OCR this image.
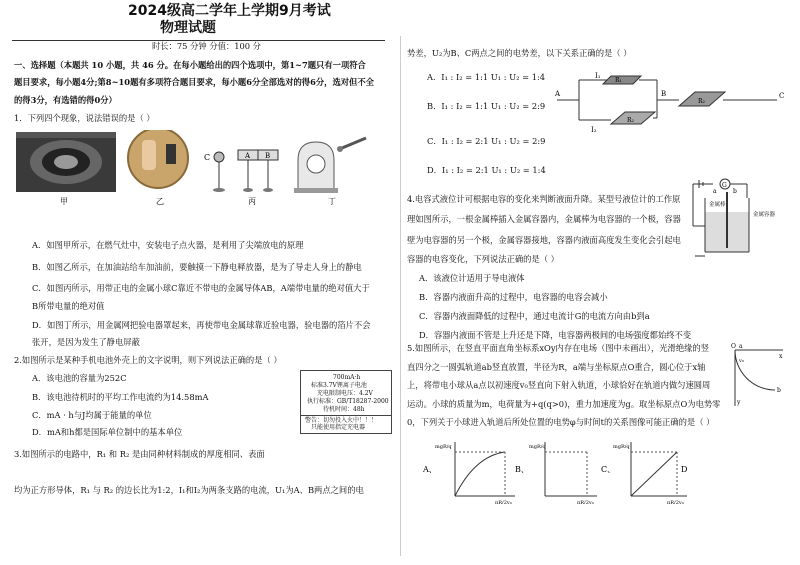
2024级高二学年上学期9月考试
物理试题
时长：75 分钟 分值：100 分
一、选择题（本题共 10 小题，共 46 分。在每小题给出的四个选项中，第1~7题只有一项符合
题目要求，每小题4分;第8~10题有多项符合题目要求，每小题6分全部选对的得6分，选对但不全
的得3分，有选错的得0分）
1．下列四个现象，说法错误的是（ ）
甲	乙
C	A B
丙	丁
A．如图甲所示，在燃气灶中，安装电子点火器，是利用了尖端放电的原理
B．如图乙所示，在加油站给车加油前，要触摸一下静电释放器，是为了导走人身上的静电
C．如图丙所示，用带正电的金属小球C靠近不带电的金属导体AB，A端带电量的绝对值大于
B所带电量的绝对值
D．如图丁所示，用金属网把验电器罩起来，再使带电金属球靠近验电器，验电器的箔片不会
张开，是因为发生了静电屏蔽
2.如图所示是某种手机电池外壳上的文字说明，则下列说法正确的是（ ）
A．该电池的容量为252C
B．该电池待机时的平均工作电流约为14.58mA
C．mA · h与J均属于能量的单位
D．mA和h都是国际单位制中的基本单位
700mA·h
标准3.7V锂离子电池
充电限制电压：4.2V
执行标准：GB/T18287-2000
待机时间：48h
警告：切勿投入火中！！！
只能使用指定充电器
3.如图所示的电路中，R₁ 和 R₂ 是由同种材料制成的厚度相同、表面
均为正方形导体，R₁ 与 R₂ 的边长比为1:2，I₁和I₂为两条支路的电流，U₁为A、B两点之间的电
势差，U₂为B、C两点之间的电势差，以下关系正确的是（ ）
A．I₁ : I₂ = 1:1 U₁ : U₂ = 1:4
B．I₁ : I₂ = 1:1 U₁ : U₂ = 2:9
C．I₁ : I₂ = 2:1 U₁ : U₂ = 2:9
D．I₁ : I₂ = 2:1 U₁ : U₂ = 1:4
A
I₁
I₂
B	C
R₁
R₂
R₂
4.电容式液位计可根据电容的变化来判断液面升降。某型号液位计的工作原
理如图所示，一根金属棒插入金属容器内，金属棒为电容器的一个极，容器
壁为电容器的另一个极，金属容器接地，容器内液面高度发生变化会引起电
容器的电容变化，下列说法正确的是（ ）
A．该液位计适用于导电液体
B．容器内液面升高的过程中，电容器的电容会减小
C．容器内液面降低的过程中，通过电流计G的电流方向由b到a
D．容器内液面不管是上升还是下降，电容器两极间的电场强度都始终不变
G
金属棒
金属容器
a	b
5.如图所示，在竖直平面直角坐标系xOy内存在电场（图中未画出），光滑绝缘的竖
直四分之一圆弧轨道ab竖直放置，半径为R，a端与坐标原点O重合，圆心位于x轴
上，将带电小球从a点以初速度v₀竖直向下射入轨道，小球恰好在轨道内做匀速圆周
运动。小球的质量为m，电荷量为+q(q>0)，重力加速度为g。取坐标原点O为电势零
0，下列关于小球进入轨道后所处位置的电势φ与时间t的关系图像可能正确的是（ ）
O a
x
b
y
v₀
A、
mgR/q
πR/2v₀
B、
mgR/q
πR/2v₀
C、
mgR/q
πR/2v₀
D
